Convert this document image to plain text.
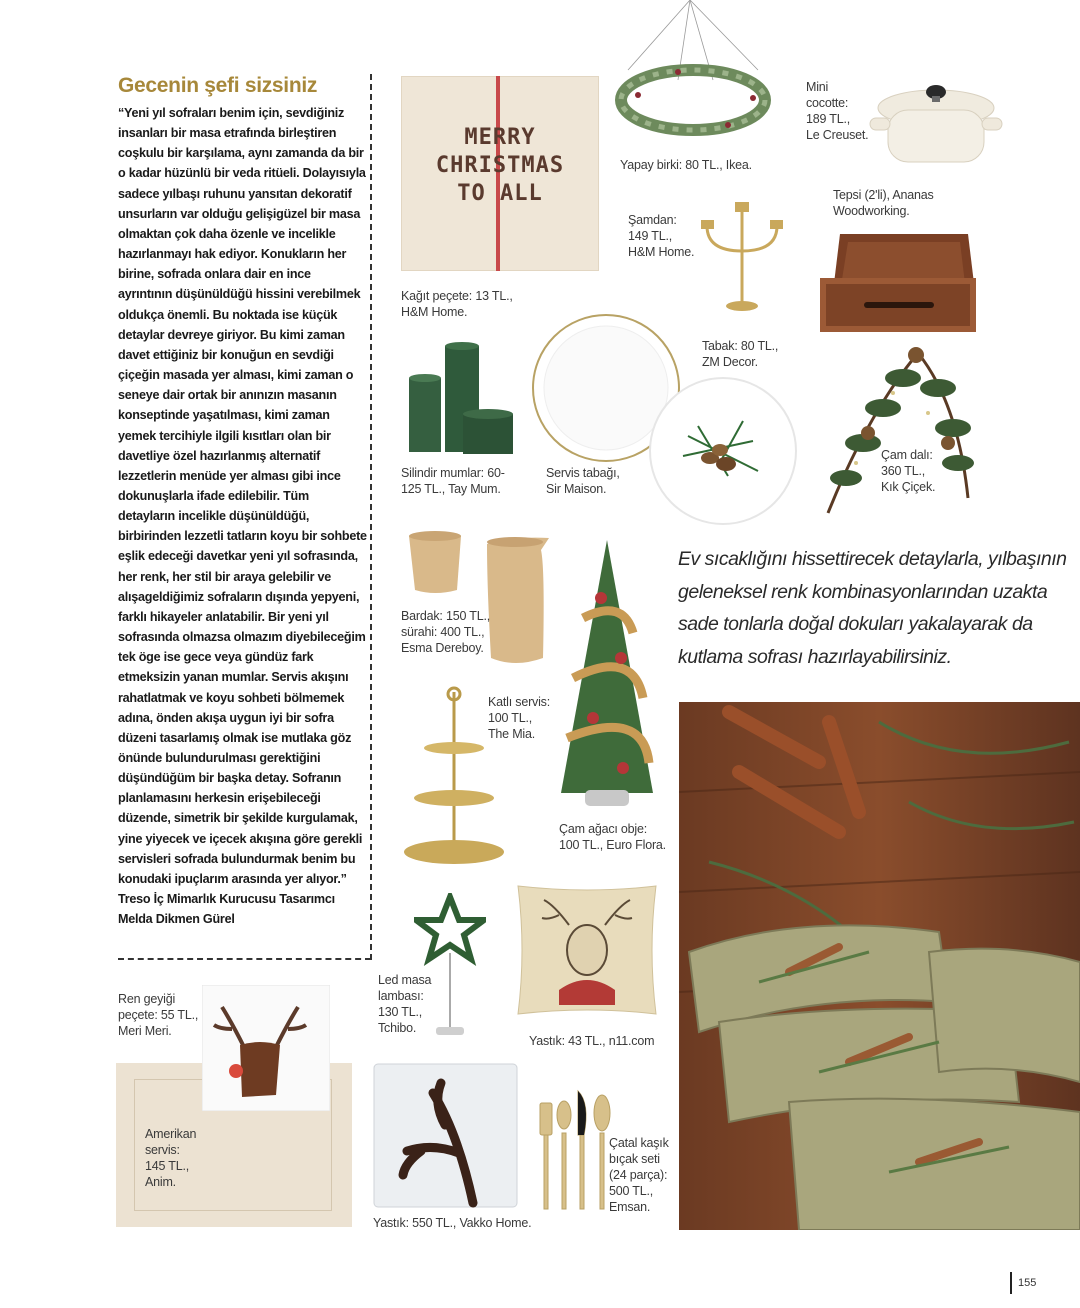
Gecenin şefi sizsiniz

“Yeni yıl sofraları benim için, sevdiğiniz insanları bir masa etrafında birleştiren coşkulu bir karşılama, aynı zamanda da bir o kadar hüzünlü bir veda ritüeli. Dolayısıyla sadece yılbaşı ruhunu yansıtan dekoratif unsurların var olduğu gelişigüzel bir masa olmaktan çok daha özenle ve incelikle hazırlanmayı hak ediyor. Konukların her birine, sofrada onlara dair en ince ayrıntının düşünüldüğü hissini verebilmek oldukça önemli. Bu noktada ise küçük detaylar devreye giriyor. Bu kimi zaman davet ettiğiniz bir konuğun en sevdiği çiçeğin masada yer alması, kimi zaman o seneye dair ortak bir anınızın masanın konseptinde yaşatılması, kimi zaman yemek tercihiyle ilgili kısıtları olan bir davetliye özel hazırlanmış alternatif lezzetlerin menüde yer alması gibi ince dokunuşlarla ifade edilebilir. Tüm detayların incelikle düşünüldüğü, birbirinden lezzetli tatların koyu bir sohbete eşlik edeceği davetkar yeni yıl sofrasında, her renk, her stil bir araya gelebilir ve alışageldiğimiz sofraların dışında yepyeni, farklı hikayeler anlatabilir. Bir yeni yıl sofrasında olmazsa olmazım diyebileceğim tek öge ise gece veya gündüz fark etmeksizin yanan mumlar. Servis akışını rahatlatmak ve koyu sohbeti bölmemek adına, önden akışa uygun iyi bir sofra düzeni tasarlamış olmak ise mutlaka göz önünde bulundurulması gerektiğini düşündüğüm bir başka detay. Sofranın planlamasını herkesin erişebileceği düzende, simetrik bir şekilde kurgulamak, yine yiyecek ve içecek akışına göre gerekli servisleri sofrada bulundurmak benim bu konudaki ipuçlarım arasında yer alıyor.”

Treso İç Mimarlık Kurucusu Tasarımcı

Melda Dikmen Gürel

MERRY
CHRISTMAS
TO ALL
Kağıt peçete: 13 TL.,
H&M Home.
Yapay birki: 80 TL., Ikea.
Mini
cocotte:
189 TL.,
Le Creuset.
Şamdan:
149 TL.,
H&M Home.
Tepsi (2'li), Ananas
Woodworking.
Silindir mumlar: 60-
125 TL., Tay Mum.
Servis tabağı,
Sir Maison.
Tabak: 80 TL.,
ZM Decor.
Çam dalı:
360 TL.,
Kık Çiçek.
Bardak: 150 TL.,
sürahi: 400 TL.,
Esma Dereboy.
Çam ağacı obje:
100 TL., Euro Flora.
Katlı servis:
100 TL.,
The Mia.
Led masa
lambası:
130 TL.,
Tchibo.
Yastık: 43 TL., n11.com
Ren geyiği
peçete: 55 TL.,
Meri Meri.
Amerikan
servis:
145 TL.,
Anim.
Yastık: 550 TL., Vakko Home.
Çatal kaşık
bıçak seti
(24 parça):
500 TL.,
Emsan.
Ev sıcaklığını hissettirecek detaylarla, yılbaşının
geleneksel renk kombinasyonlarından uzakta
sade tonlarla doğal dokuları yakalayarak da
kutlama sofrası hazırlayabilirsiniz.
155
